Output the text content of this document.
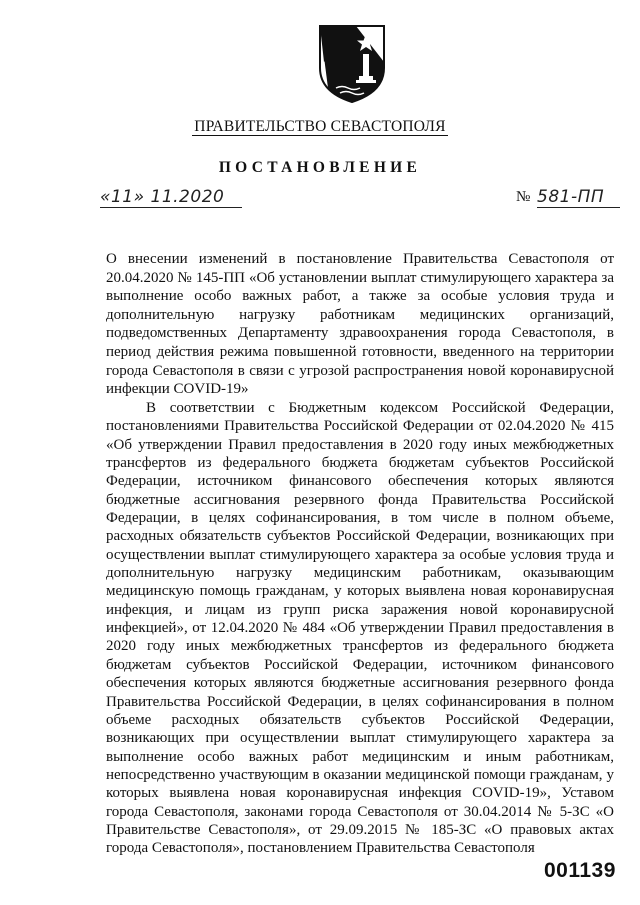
ПРАВИТЕЛЬСТВО СЕВАСТОПОЛЯ
ПОСТАНОВЛЕНИЕ
«11» 11.2020	№ 581-ПП
О внесении изменений в постановление Правительства Севастополя от 20.04.2020 № 145-ПП «Об установлении выплат стимулирующего характера за выполнение особо важных работ, а также за особые условия труда и дополнительную нагрузку работникам медицинских организаций, подведомственных Департаменту здравоохранения города Севастополя, в период действия режима повышенной готовности, введенного на территории города Севастополя в связи с угрозой распространения новой коронавирусной инфекции COVID-19»
В соответствии с Бюджетным кодексом Российской Федерации, постановлениями Правительства Российской Федерации от 02.04.2020 № 415 «Об утверждении Правил предоставления в 2020 году иных межбюджетных трансфертов из федерального бюджета бюджетам субъектов Российской Федерации, источником финансового обеспечения которых являются бюджетные ассигнования резервного фонда Правительства Российской Федерации, в целях софинансирования, в том числе в полном объеме, расходных обязательств субъектов Российской Федерации, возникающих при осуществлении выплат стимулирующего характера за особые условия труда и дополнительную нагрузку медицинским работникам, оказывающим медицинскую помощь гражданам, у которых выявлена новая коронавирусная инфекция, и лицам из групп риска заражения новой коронавирусной инфекцией», от 12.04.2020 № 484 «Об утверждении Правил предоставления в 2020 году иных межбюджетных трансфертов из федерального бюджета бюджетам субъектов Российской Федерации, источником финансового обеспечения которых являются бюджетные ассигнования резервного фонда Правительства Российской Федерации, в целях софинансирования в полном объеме расходных обязательств субъектов Российской Федерации, возникающих при осуществлении выплат стимулирующего характера за выполнение особо важных работ медицинским и иным работникам, непосредственно участвующим в оказании медицинской помощи гражданам, у которых выявлена новая коронавирусная инфекция COVID-19», Уставом города Севастополя, законами города Севастополя от 30.04.2014 № 5-ЗС «О Правительстве Севастополя», от 29.09.2015 № 185-ЗС «О правовых актах города Севастополя», постановлением Правительства Севастополя
001139
